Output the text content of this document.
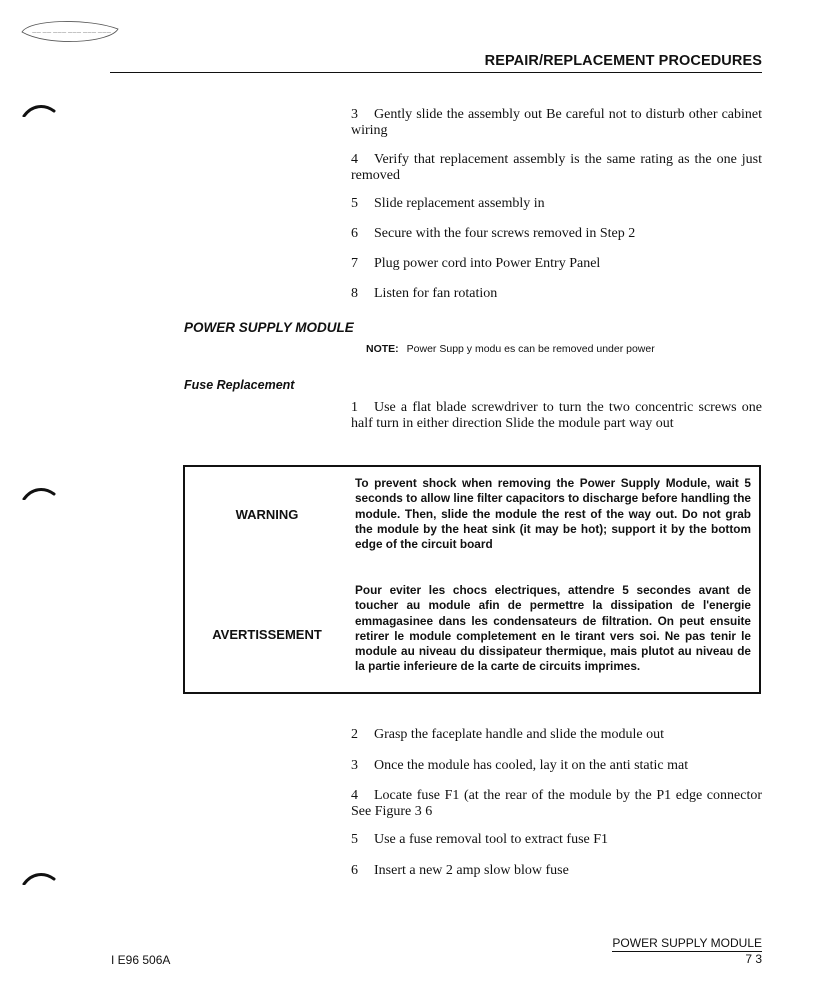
—— —— ——— ——— ——— ———
REPAIR/REPLACEMENT PROCEDURES
3 Gently slide the assembly out Be careful not to disturb other cabinet wiring
4 Verify that replacement assembly is the same rating as the one just removed
5 Slide replacement assembly in
6 Secure with the four screws removed in Step 2
7 Plug power cord into Power Entry Panel
8 Listen for fan rotation
POWER SUPPLY MODULE
NOTE: Power Supp y modu es can be removed under power
Fuse Replacement
1 Use a flat blade screwdriver to turn the two concentric screws one half turn in either direction Slide the module part way out
WARNING
To prevent shock when removing the Power Supply Module, wait 5 seconds to allow line filter capacitors to discharge before handling the module. Then, slide the module the rest of the way out. Do not grab the module by the heat sink (it may be hot); support it by the bottom edge of the circuit board
AVERTISSEMENT
Pour eviter les chocs electriques, attendre 5 secondes avant de toucher au module afin de permettre la dissipation de l'energie emmagasinee dans les condensateurs de filtration. On peut ensuite retirer le module completement en le tirant vers soi. Ne pas tenir le module au niveau du dissipateur thermique, mais plutot au niveau de la partie inferieure de la carte de circuits imprimes.
2 Grasp the faceplate handle and slide the module out
3 Once the module has cooled, lay it on the anti static mat
4 Locate fuse F1 (at the rear of the module by the P1 edge connector See Figure 3 6
5 Use a fuse removal tool to extract fuse F1
6 Insert a new 2 amp slow blow fuse
I E96 506A
POWER SUPPLY MODULE
7 3
